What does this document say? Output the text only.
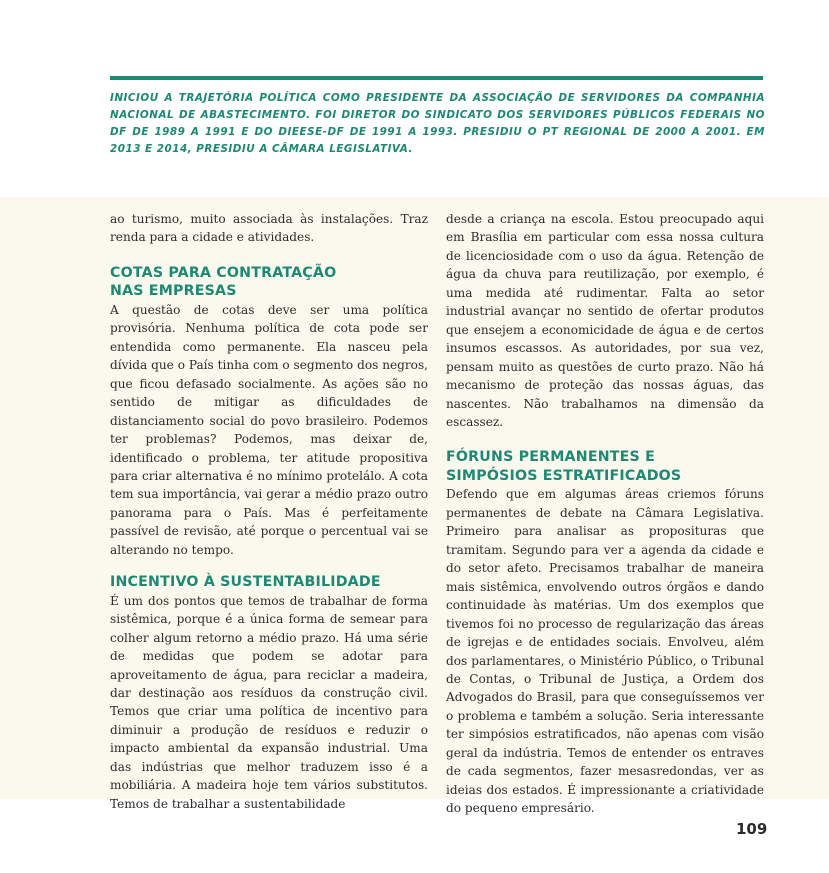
INICIOU A TRAJETÓRIA POLÍTICA COMO PRESIDENTE DA ASSOCIAÇÃO DE SERVIDORES DA COMPANHIA NACIONAL DE ABASTECIMENTO. FOI DIRETOR DO SINDICATO DOS SERVIDORES PÚBLICOS FEDERAIS NO DF DE 1989 A 1991 E DO DIEESE-DF DE 1991 A 1993. PRESIDIU O PT REGIONAL DE 2000 A 2001. EM 2013 E 2014, PRESIDIU A CÂMARA LEGISLATIVA.

ao turismo, muito associada às instalações. Traz renda para a cidade e atividades.

COTAS PARA CONTRATAÇÃO
NAS EMPRESAS

A questão de cotas deve ser uma política provisória. Nenhuma política de cota pode ser entendida como permanente. Ela nasceu pela dívida que o País tinha com o segmento dos negros, que ficou defasado socialmente. As ações são no sentido de mitigar as dificuldades de distanciamento social do povo brasileiro. Podemos ter problemas? Podemos, mas deixar de, identificado o problema, ter atitude propositiva para criar alternativa é no mínimo protelálo. A cota tem sua importância, vai gerar a médio prazo outro panorama para o País. Mas é perfeitamente passível de revisão, até porque o percentual vai se alterando no tempo.

INCENTIVO À SUSTENTABILIDADE

É um dos pontos que temos de trabalhar de forma sistêmica, porque é a única forma de semear para colher algum retorno a médio prazo. Há uma série de medidas que podem se adotar para aproveitamento de água, para reciclar a madeira, dar destinação aos resíduos da construção civil. Temos que criar uma política de incentivo para diminuir a produção de resíduos e reduzir o impacto ambiental da expansão industrial. Uma das indústrias que melhor traduzem isso é a mobiliária. A madeira hoje tem vários substitutos. Temos de trabalhar a sustentabilidade

desde a criança na escola. Estou preocupado aqui em Brasília em particular com essa nossa cultura de licenciosidade com o uso da água. Retenção de água da chuva para reutilização, por exemplo, é uma medida até rudimentar. Falta ao setor industrial avançar no sentido de ofertar produtos que ensejem a economicidade de água e de certos insumos escassos. As autoridades, por sua vez, pensam muito as questões de curto prazo. Não há mecanismo de proteção das nossas águas, das nascentes. Não trabalhamos na dimensão da escassez.

FÓRUNS PERMANENTES E
SIMPÓSIOS ESTRATIFICADOS

Defendo que em algumas áreas criemos fóruns permanentes de debate na Câmara Legislativa. Primeiro para analisar as proposituras que tramitam. Segundo para ver a agenda da cidade e do setor afeto. Precisamos trabalhar de maneira mais sistêmica, envolvendo outros órgãos e dando continuidade às matérias. Um dos exemplos que tivemos foi no processo de regularização das áreas de igrejas e de entidades sociais. Envolveu, além dos parlamentares, o Ministério Público, o Tribunal de Contas, o Tribunal de Justiça, a Ordem dos Advogados do Brasil, para que conseguíssemos ver o problema e também a solução. Seria interessante ter simpósios estratificados, não apenas com visão geral da indústria. Temos de entender os entraves de cada segmentos, fazer mesasredondas, ver as ideias dos estados. É impressionante a criatividade do pequeno empresário.

109
